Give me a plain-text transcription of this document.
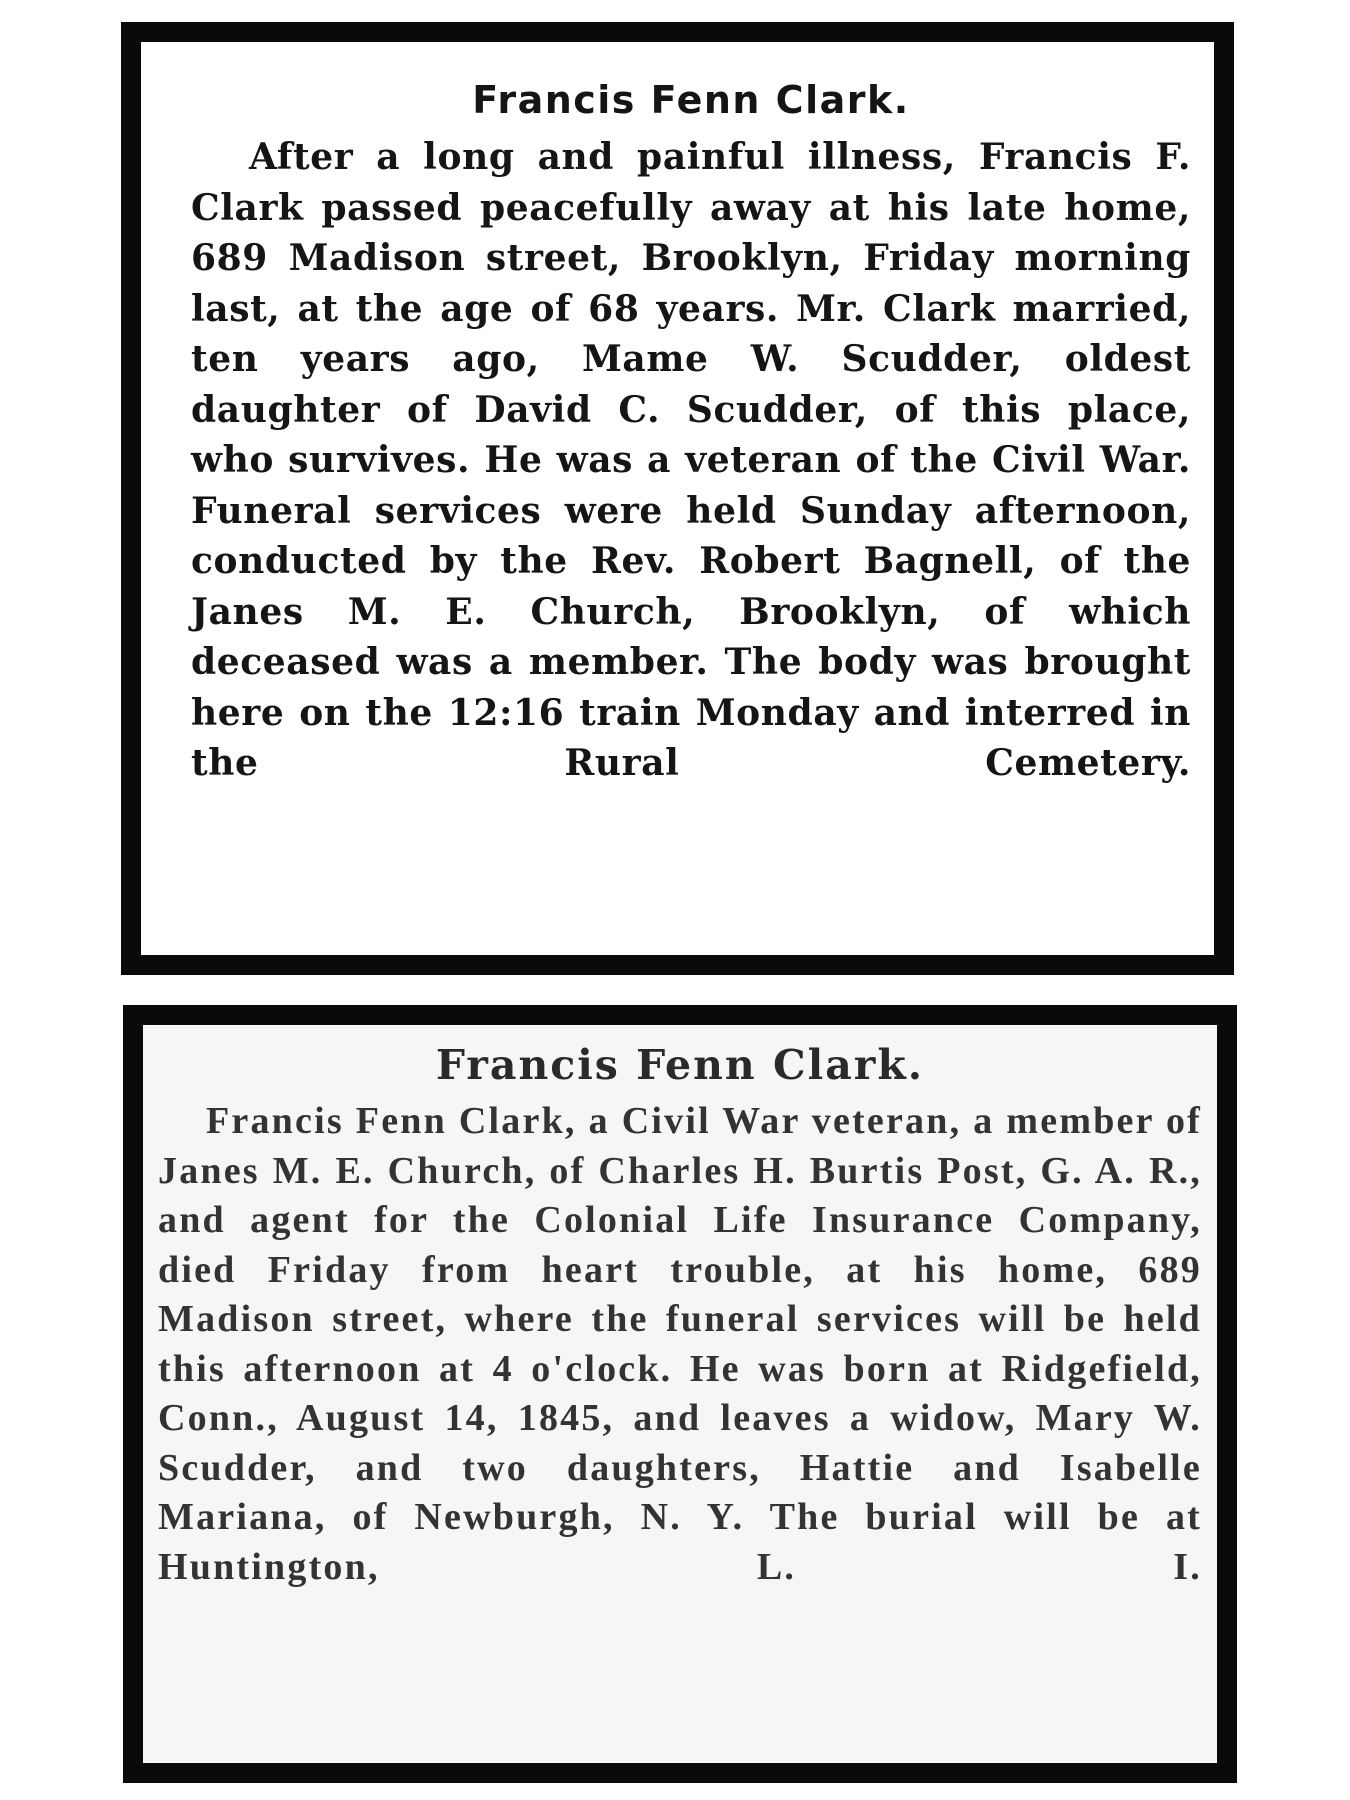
Francis Fenn Clark.

After a long and painful illness, Francis F. Clark passed peacefully away at his late home, 689 Madison street, Brooklyn, Friday morning last, at the age of 68 years. Mr. Clark married, ten years ago, Mame W. Scudder, oldest daughter of David C. Scudder, of this place, who survives. He was a veteran of the Civil War. Funeral services were held Sunday afternoon, conducted by the Rev. Robert Bagnell, of the Janes M. E. Church, Brooklyn, of which deceased was a member. The body was brought here on the 12:16 train Monday and interred in the Rural Cemetery.

Francis Fenn Clark.

Francis Fenn Clark, a Civil War veteran, a member of Janes M. E. Church, of Charles H. Burtis Post, G. A. R., and agent for the Colonial Life Insurance Company, died Friday from heart trouble, at his home, 689 Madison street, where the funeral services will be held this afternoon at 4 o'clock. He was born at Ridgefield, Conn., August 14, 1845, and leaves a widow, Mary W. Scudder, and two daughters, Hattie and Isabelle Mariana, of Newburgh, N. Y. The burial will be at Huntington, L. I.
